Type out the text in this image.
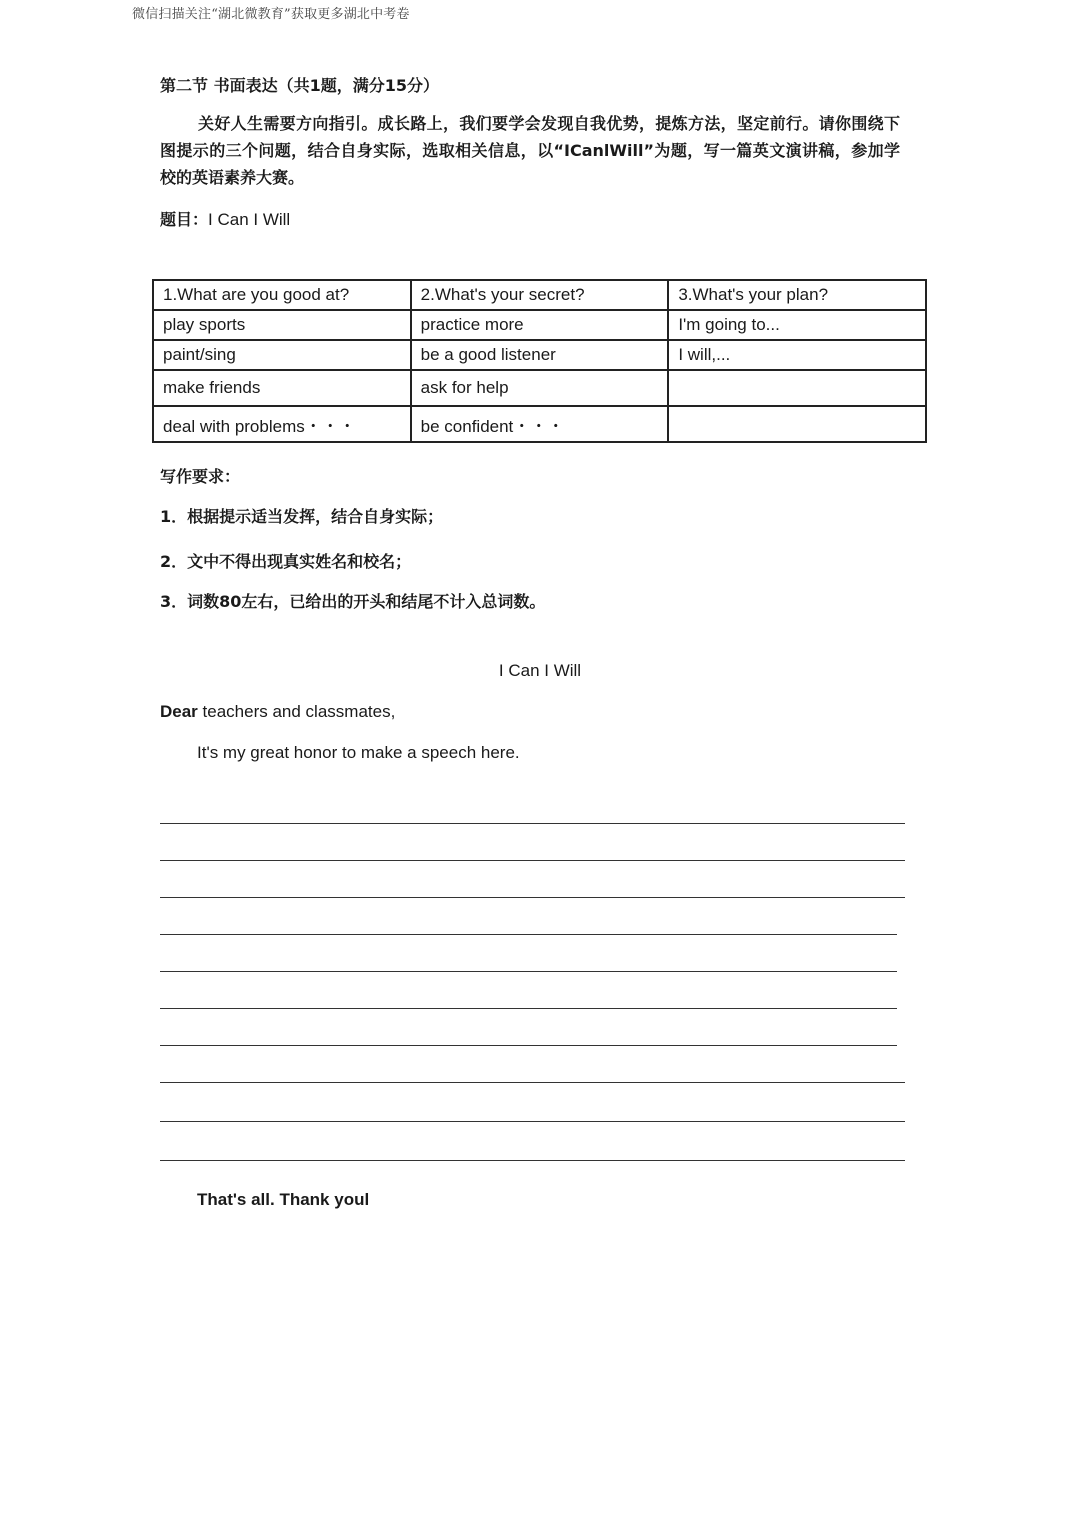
微信扫描关注“湖北微教育”获取更多湖北中考卷
第二节 书面表达（共1题，满分15分）
关好人生需要方向指引。成长路上，我们要学会发现自我优势，提炼方法，坚定前行。请你围绕下图提示的三个问题，结合自身实际，选取相关信息，以“ICanlWill”为题，写一篇英文演讲稿，参加学校的英语素养大赛。
题目：I Can I Will
1.What are you good at?	2.What's your secret?	3.What's your plan?
play sports	practice more	I'm going to...
paint/sing	be a good listener	I will,...
make friends	ask for help	
deal with problems・・・	be confident・・・	
写作要求：
1．根据提示适当发挥，结合自身实际；
2．文中不得出现真实姓名和校名；
3．词数80左右，已给出的开头和结尾不计入总词数。
I Can I Will
Dear teachers and classmates,
It's my great honor to make a speech here.
That's all. Thank youl
